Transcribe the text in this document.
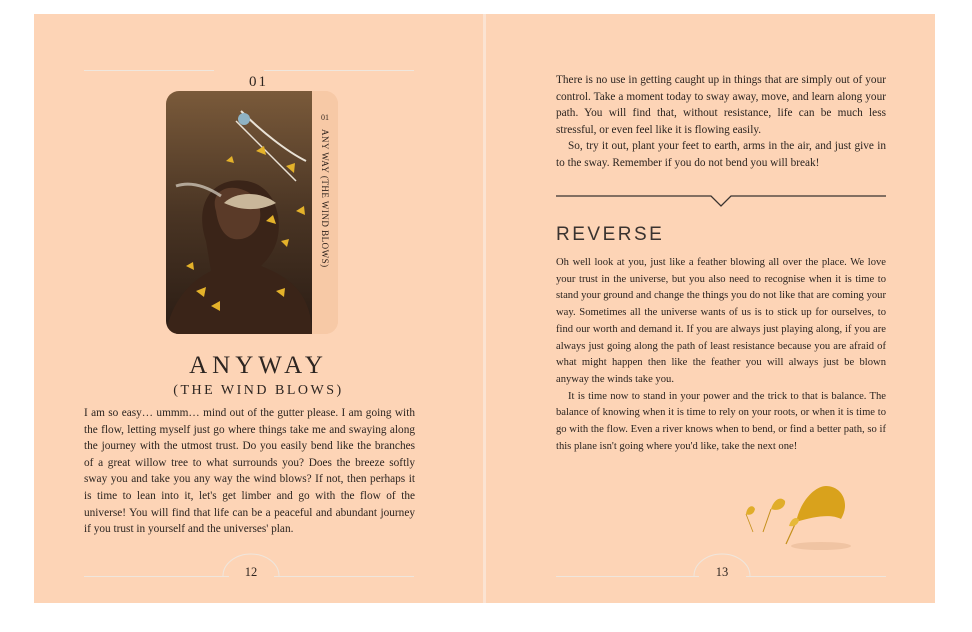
01
01
ANY WAY (THE WIND BLOWS)
ANYWAY
(THE WIND BLOWS)

I am so easy… ummm… mind out of the gutter please. I am going with the flow, letting myself just go where things take me and swaying along the journey with the utmost trust. Do you easily bend like the branches of a great willow tree to what surrounds you? Does the breeze softly sway you and take you any way the wind blows? If not, then perhaps it is time to lean into it, let's get limber and go with the flow of the universe! You will find that life can be a peaceful and abundant journey if you trust in yourself and the universes' plan.

12

There is no use in getting caught up in things that are simply out of your control. Take a moment today to sway away, move, and learn along your path. You will find that, without resistance, life can be much less stressful, or even feel like it is flowing easily.

So, try it out, plant your feet to earth, arms in the air, and just give in to the sway. Remember if you do not bend you will break!

REVERSE

Oh well look at you, just like a feather blowing all over the place. We love your trust in the universe, but you also need to recognise when it is time to stand your ground and change the things you do not like that are coming your way. Sometimes all the universe wants of us is to stick up for ourselves, to find our worth and demand it. If you are always just playing along, if you are always just going along the path of least resistance because you are afraid of what might happen then like the feather you will always just be blown anyway the winds take you.

It is time now to stand in your power and the trick to that is balance. The balance of knowing when it is time to rely on your roots, or when it is time to go with the flow. Even a river knows when to bend, or find a better path, so if this plane isn't going where you'd like, take the next one!

13
